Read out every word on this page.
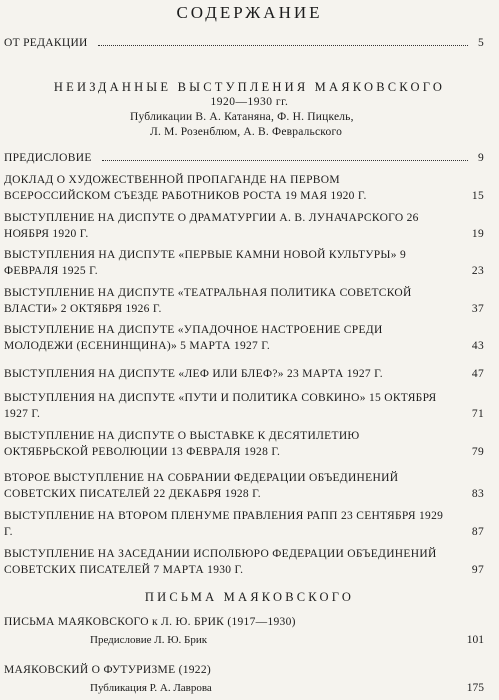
СОДЕРЖАНИЕ
ОТ РЕДАКЦИИ	5
НЕИЗДАННЫЕ ВЫСТУПЛЕНИЯ МАЯКОВСКОГО
1920—1930 гг.
Публикации В. А. Катаняна, Ф. Н. Пицкель,
Л. М. Розенблюм, А. В. Февральского
ПРЕДИСЛОВИЕ	9
ДОКЛАД О ХУДОЖЕСТВЕННОЙ ПРОПАГАНДЕ НА ПЕРВОМ ВСЕРОССИЙСКОМ СЪЕЗДЕ РАБОТНИКОВ РОСТА 19 МАЯ 1920 Г.	15
ВЫСТУПЛЕНИЕ НА ДИСПУТЕ О ДРАМАТУРГИИ А. В. ЛУНАЧАРСКОГО 26 НОЯБРЯ 1920 Г.	19
ВЫСТУПЛЕНИЯ НА ДИСПУТЕ «ПЕРВЫЕ КАМНИ НОВОЙ КУЛЬТУРЫ» 9 ФЕВРАЛЯ 1925 Г.	23
ВЫСТУПЛЕНИЕ НА ДИСПУТЕ «ТЕАТРАЛЬНАЯ ПОЛИТИКА СОВЕТСКОЙ ВЛАСТИ» 2 ОКТЯБРЯ 1926 Г.	37
ВЫСТУПЛЕНИЕ НА ДИСПУТЕ «УПАДОЧНОЕ НАСТРОЕНИЕ СРЕДИ МОЛОДЕЖИ (ЕСЕНИНЩИНА)» 5 МАРТА 1927 Г.	43
ВЫСТУПЛЕНИЯ НА ДИСПУТЕ «ЛЕФ ИЛИ БЛЕФ?» 23 МАРТА 1927 Г.	47
ВЫСТУПЛЕНИЯ НА ДИСПУТЕ «ПУТИ И ПОЛИТИКА СОВКИНО» 15 ОКТЯБРЯ 1927 Г.	71
ВЫСТУПЛЕНИЕ НА ДИСПУТЕ О ВЫСТАВКЕ К ДЕСЯТИЛЕТИЮ ОКТЯБРЬСКОЙ РЕВОЛЮЦИИ 13 ФЕВРАЛЯ 1928 Г.	79
ВТОРОЕ ВЫСТУПЛЕНИЕ НА СОБРАНИИ ФЕДЕРАЦИИ ОБЪЕДИНЕНИЙ СОВЕТСКИХ ПИСАТЕЛЕЙ 22 ДЕКАБРЯ 1928 Г.	83
ВЫСТУПЛЕНИЕ НА ВТОРОМ ПЛЕНУМЕ ПРАВЛЕНИЯ РАПП 23 СЕНТЯБРЯ 1929 Г.	87
ВЫСТУПЛЕНИЕ НА ЗАСЕДАНИИ ИСПОЛБЮРО ФЕДЕРАЦИИ ОБЪЕДИНЕНИЙ СОВЕТСКИХ ПИСАТЕЛЕЙ 7 МАРТА 1930 Г.	97
ПИСЬМА МАЯКОВСКОГО
ПИСЬМА МАЯКОВСКОГО к Л. Ю. БРИК (1917—1930)
Предисловие Л. Ю. Брик	101
МАЯКОВСКИЙ О ФУТУРИЗМЕ (1922)
Публикация Р. А. Лаврова	175
